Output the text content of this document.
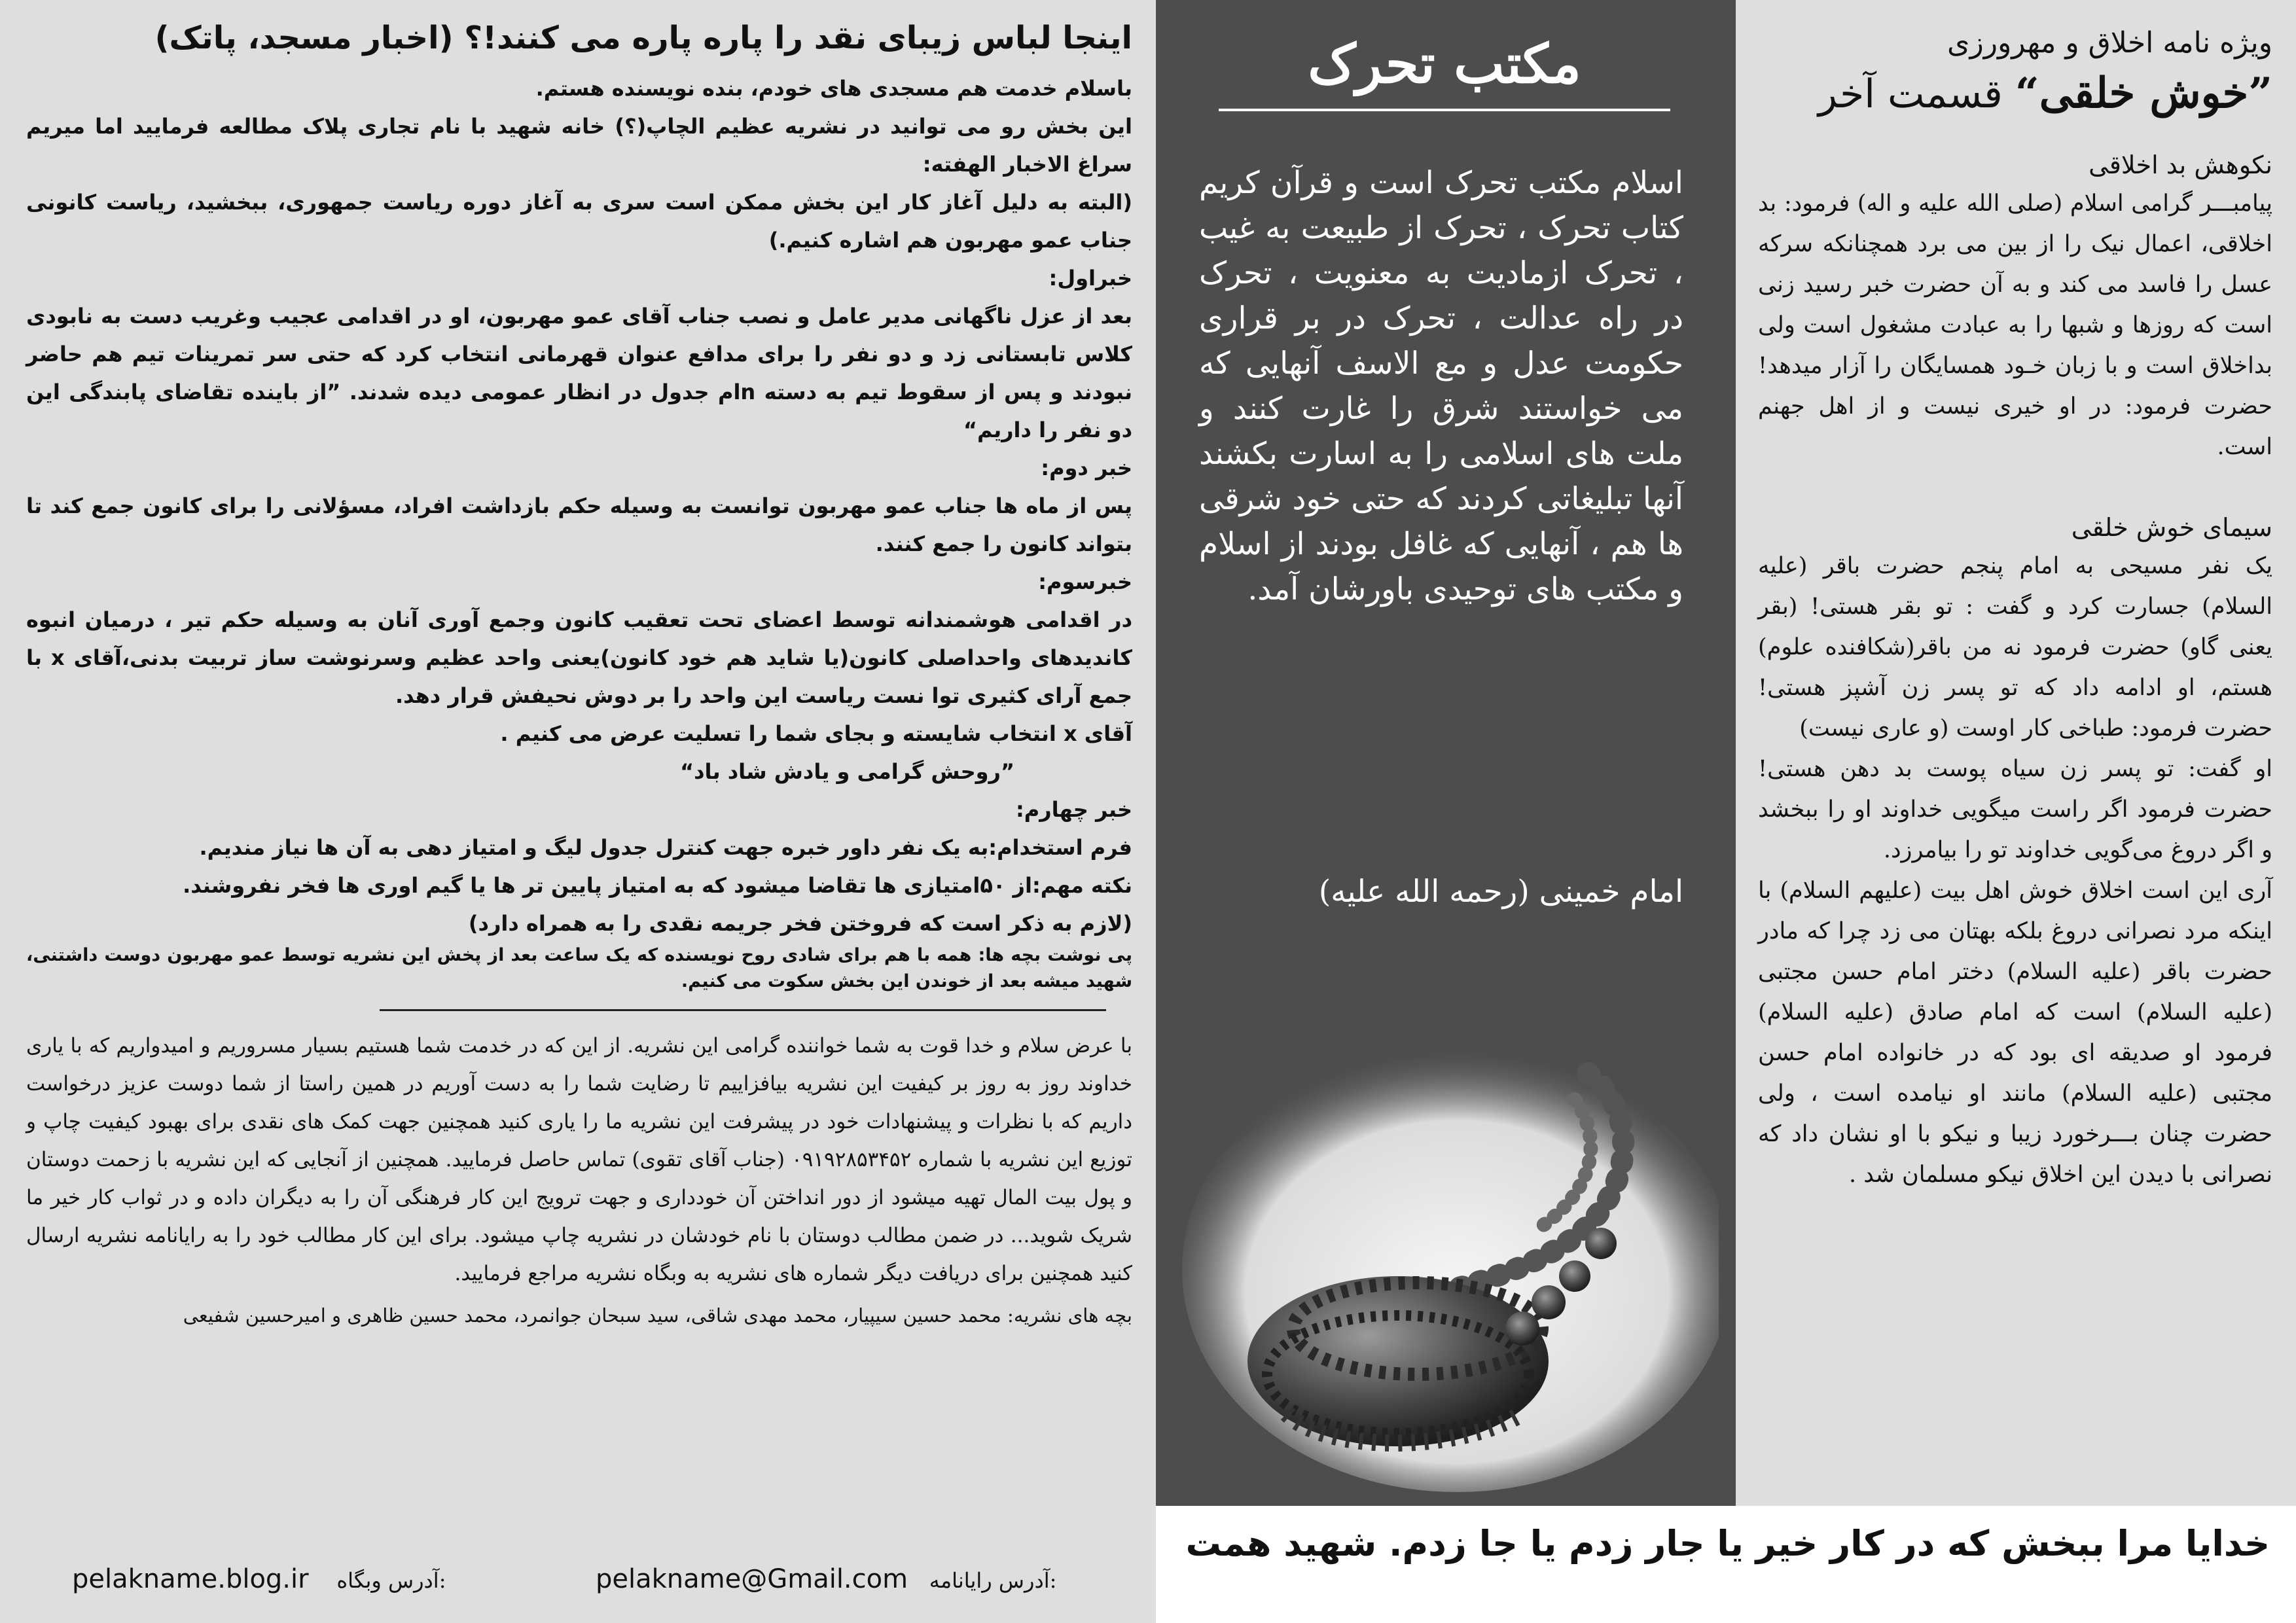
ویژه نامه اخلاق و مهرورزی
”خوش خلقی“ قسمت آخر
نکوهش بد اخلاقی

پیامبـــر گرامی اسلام (صلی الله علیه و اله) فرمود: بد اخلاقی، اعمال نیک را از بین می برد همچنانکه سرکه عسل را فاسد می کند و به آن حضرت خبر رسید زنی است که روزها و شبها را به عبادت مشغول است ولی بداخلاق است و با زبان خـود همسایگان را آزار میدهد! حضرت فرمود: در او خیری نیست و از اهل جهنم است.

سیمای خوش خلقی

یک نفر مسیحی به امام پنجم حضرت باقر (علیه السلام) جسارت کرد و گفت : تو بقر هستی! (بقر یعنی گاو) حضرت فرمود نه من باقر(شکافنده علوم) هستم، او ادامه داد که تو پسر زن آشپز هستی! حضرت فرمود: طباخی کار اوست (و عاری نیست)

او گفت: تو پسر زن سیاه پوست بد دهن هستی! حضرت فرمود اگر راست میگویی خداوند او را ببخشد و اگر دروغ می‌گویی خداوند تو را بیامرزد.

آری این است اخلاق خوش اهل بیت (علیهم السلام) با اینکه مرد نصرانی دروغ بلکه بهتان می زد چرا که مادر حضرت باقر (علیه السلام) دختر امام حسن مجتبی (علیه السلام) است که امام صادق (علیه السلام) فرمود او صدیقه ای بود که در خانواده امام حسن مجتبی (علیه السلام) مانند او نیامده است ، ولی حضرت چنان بـــرخورد زیبا و نیکو با او نشان داد که نصرانی با دیدن این اخلاق نیکو مسلمان شد .

مکتب تحرک

اسلام مکتب تحرک است و قرآن کریم کتاب تحرک ، تحرک از طبیعت به غیب ، تحرک ازمادیت به معنویت ، تحرک در راه عدالت ، تحرک در بر قراری حکومت عدل و مع الاسف آنهایی که می خواستند شرق را غارت کنند و ملت های اسلامی را به اسارت بکشند آنها تبلیغاتی کردند که حتی خود شرقی ها هم ، آنهایی که غافل بودند از اسلام و مکتب های توحیدی باورشان آمد.

امام خمینی (رحمه الله علیه)
خدایا مرا ببخش که در کار خیر یا جار زدم یا جا زدم. شهید همت
اینجا لباس زیبای نقد را پاره پاره می کنند!؟ (اخبار مسجد، پاتک)
باسلام خدمت هم مسجدی های خودم، بنده نویسنده هستم.
این بخش رو می توانید در نشریه عظیم الچاپ(؟) خانه شهید با نام تجاری پلاک مطالعه فرمایید اما میریم سراغ الاخبار الهفته:
(البته به دلیل آغاز کار این بخش ممکن است سری به آغاز دوره ریاست جمهوری، ببخشید، ریاست کانونی جناب عمو مهربون هم اشاره کنیم.)
خبراول:
بعد از عزل ناگهانی مدیر عامل و نصب جناب آقای عمو مهربون، او در اقدامی عجیب وغریب دست به نابودی کلاس تابستانی زد و دو نفر را برای مدافع عنوان قهرمانی انتخاب کرد که حتی سر تمرینات تیم هم حاضر نبودند و پس از سقوط تیم به دسته nام جدول در انظار عمومی دیده شدند. ”از باینده تقاضای پابندگی این دو نفر را داریم“
خبر دوم:
پس از ماه ها جناب عمو مهربون توانست به وسیله حکم بازداشت افراد، مسؤلانی را برای کانون جمع کند تا بتواند کانون را جمع کنند.
خبرسوم:
در اقدامی هوشمندانه توسط اعضای تحت تعقیب کانون وجمع آوری آنان به وسیله حکم تیر ، درمیان انبوه کاندیدهای واحداصلی کانون(یا شاید هم خود کانون)یعنی واحد عظیم وسرنوشت ساز تربیت بدنی،آقای x با جمع آرای کثیری توا نست ریاست این واحد را بر دوش نحیفش قرار دهد.
آقای x انتخاب شایسته و بجای شما را تسلیت عرض می کنیم .
”روحش گرامی و یادش شاد باد“
خبر چهارم:
فرم استخدام:به یک نفر داور خبره جهت کنترل جدول لیگ و امتیاز دهی به آن ها نیاز مندیم.
نکته مهم:از ۵۰امتیازی ها تقاضا میشود که به امتیاز پایین تر ها یا گیم اوری ها فخر نفروشند.
(لازم به ذکر است که فروختن فخر جریمه نقدی را به همراه دارد)
پی نوشت بچه ها: همه با هم برای شادی روح نویسنده که یک ساعت بعد از پخش این نشریه توسط عمو مهربون دوست داشتنی، شهید میشه بعد از خوندن این بخش سکوت می کنیم.

با عرض سلام و خدا قوت به شما خواننده گرامی این نشریه. از این که در خدمت شما هستیم بسیار مسروریم و امیدواریم که با یاری خداوند روز به روز بر کیفیت این نشریه بیافزاییم تا رضایت شما را به دست آوریم در همین راستا از شما دوست عزیز درخواست داریم که با نظرات و پیشنهادات خود در پیشرفت این نشریه ما را یاری کنید همچنین جهت کمک های نقدی برای بهبود کیفیت چاپ و توزیع این نشریه با شماره ۰۹۱۹۲۸۵۳۴۵۲ (جناب آقای تقوی) تماس حاصل فرمایید. همچنین از آنجایی که این نشریه با زحمت دوستان و پول بیت المال تهیه میشود از دور انداختن آن خودداری و جهت ترویج این کار فرهنگی آن را به دیگران داده و در ثواب کار خیر ما شریک شوید... در ضمن مطالب دوستان با نام خودشان در نشریه چاپ میشود. برای این کار مطالب خود را به رایانامه نشریه ارسال کنید همچنین برای دریافت دیگر شماره های نشریه به وبگاه نشریه مراجع فرمایید.

بچه های نشریه: محمد حسین سیپیار، محمد مهدی شاقی، سید سبحان جوانمرد، محمد حسین ظاهری و امیرحسین شفیعی
pelakname.blog.ir آدرس وبگاه:	pelakname@Gmail.com آدرس رایانامه:
